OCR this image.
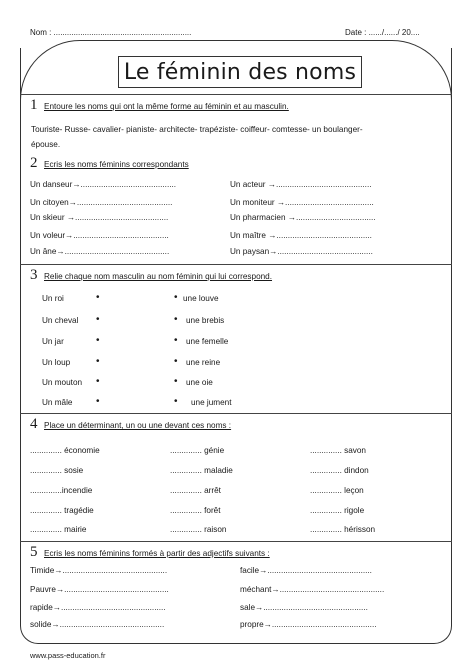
Nom : ..............................................................	Date : ....../....../ 20....
Le féminin des noms
1 Entoure les noms qui ont la même forme au féminin et au masculin.
Touriste- Russe- cavalier- pianiste- architecte- trapéziste- coiffeur- comtesse- un boulanger-
épouse.
2 Ecris les noms féminins correspondants
Un danseur→..........................................
Un citoyen→..........................................
Un skieur →.........................................
Un voleur→..........................................
Un âne→..............................................
Un acteur →..........................................
Un moniteur →.......................................
Un pharmacien →...................................
Un maître →..........................................
Un paysan→..........................................
3 Relie chaque nom masculin au nom féminin qui lui correspond.
Un roi
Un cheval
Un jar
Un loup
Un mouton
Un mâle
•
•
•
•
•
•
•
•
•
•
•
•
une louve
une brebis
une femelle
une reine
une oie
une jument
4 Place un déterminant, un ou une devant ces noms :
.............. économie
.............. sosie
..............incendie
.............. tragédie
.............. mairie
.............. génie
.............. maladie
.............. arrêt
.............. forêt
.............. raison
.............. savon
.............. dindon
.............. leçon
.............. rigole
.............. hérisson
5 Ecris les noms féminins formés à partir des adjectifs suivants :
Timide→..............................................
Pauvre→..............................................
rapide→..............................................
solide→..............................................
facile→..............................................
méchant→..............................................
sale→..............................................
propre→..............................................
www.pass-education.fr
